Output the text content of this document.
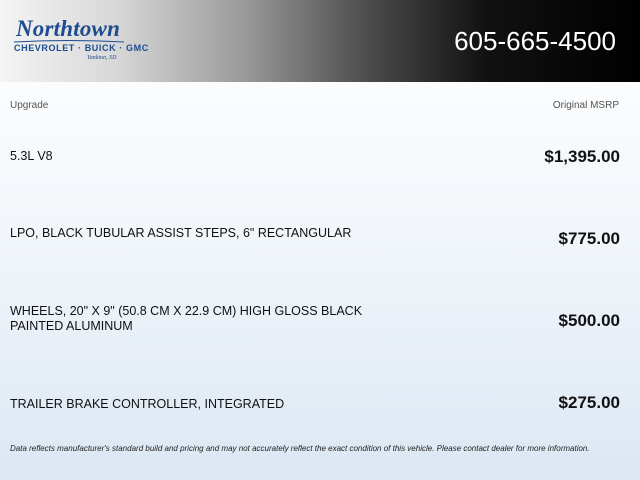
Northtown
CHEVROLET · BUICK · GMC
Yankton, SD
605-665-4500
Upgrade	Original MSRP
5.3L V8	$1,395.00
LPO, BLACK TUBULAR ASSIST STEPS, 6" RECTANGULAR	$775.00
WHEELS, 20" X 9" (50.8 CM X 22.9 CM) HIGH GLOSS BLACK PAINTED ALUMINUM	$500.00
TRAILER BRAKE CONTROLLER, INTEGRATED	$275.00
Data reflects manufacturer's standard build and pricing and may not accurately reflect the exact condition of this vehicle. Please contact dealer for more information.
